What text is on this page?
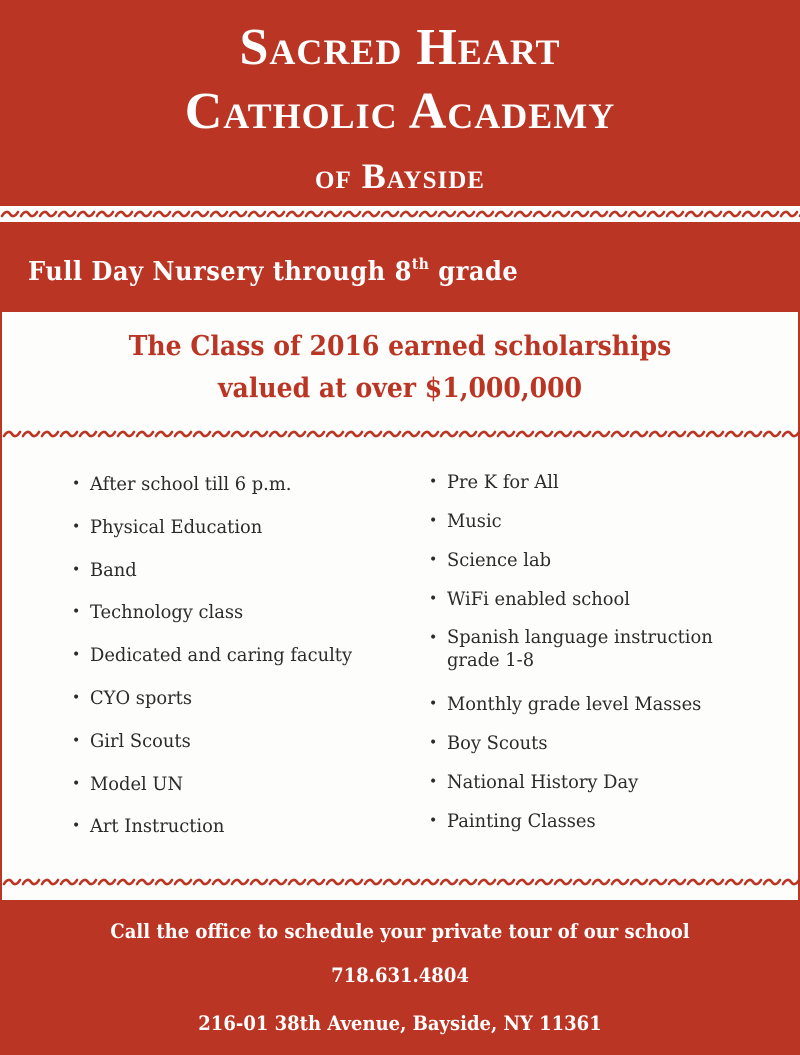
Sacred Heart
Catholic Academy
of Bayside
Full Day Nursery through 8th grade
The Class of 2016 earned scholarships
valued at over $1,000,000
• After school till 6 p.m.
• Physical Education
• Band
• Technology class
• Dedicated and caring faculty
• CYO sports
• Girl Scouts
• Model UN
• Art Instruction
• Pre K for All
• Music
• Science lab
• WiFi enabled school
• Spanish language instruction grade 1-8
• Monthly grade level Masses
• Boy Scouts
• National History Day
• Painting Classes
Call the office to schedule your private tour of our school
718.631.4804
216-01 38th Avenue, Bayside, NY 11361
